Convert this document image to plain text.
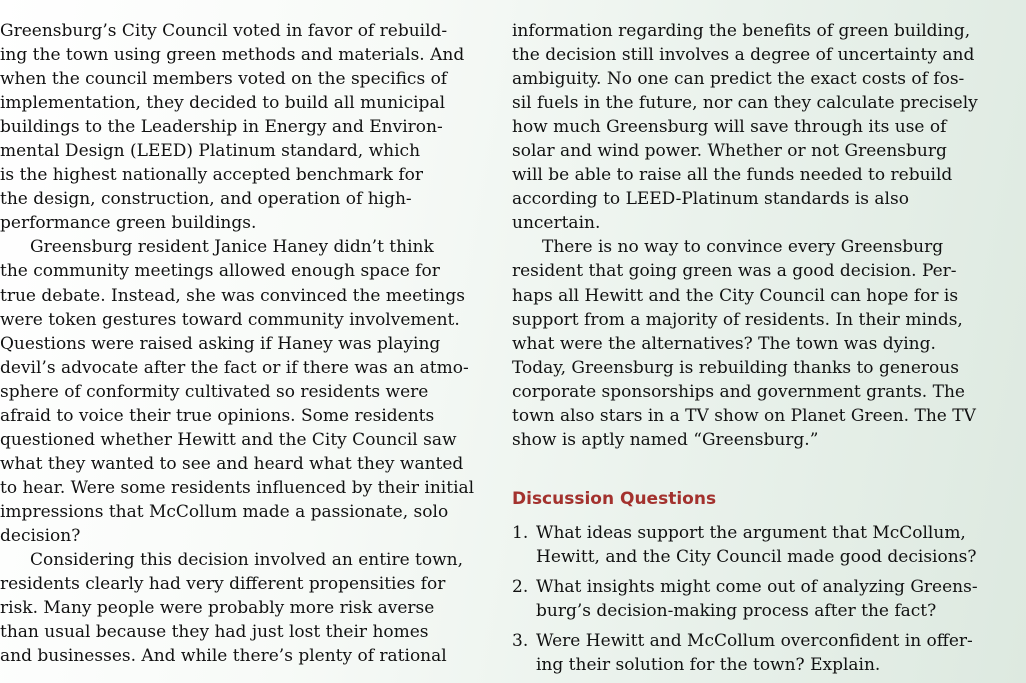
Greensburg’s City Council voted in favor of rebuild-
ing the town using green methods and materials. And
when the council members voted on the specifics of
implementation, they decided to build all municipal
buildings to the Leadership in Energy and Environ-
mental Design (LEED) Platinum standard, which
is the highest nationally accepted benchmark for
the design, construction, and operation of high-
performance green buildings.
Greensburg resident Janice Haney didn’t think
the community meetings allowed enough space for
true debate. Instead, she was convinced the meetings
were token gestures toward community involvement.
Questions were raised asking if Haney was playing
devil’s advocate after the fact or if there was an atmo-
sphere of conformity cultivated so residents were
afraid to voice their true opinions. Some residents
questioned whether Hewitt and the City Council saw
what they wanted to see and heard what they wanted
to hear. Were some residents influenced by their initial
impressions that McCollum made a passionate, solo
decision?
Considering this decision involved an entire town,
residents clearly had very different propensities for
risk. Many people were probably more risk averse
than usual because they had just lost their homes
and businesses. And while there’s plenty of rational
information regarding the benefits of green building,
the decision still involves a degree of uncertainty and
ambiguity. No one can predict the exact costs of fos-
sil fuels in the future, nor can they calculate precisely
how much Greensburg will save through its use of
solar and wind power. Whether or not Greensburg
will be able to raise all the funds needed to rebuild
according to LEED-Platinum standards is also
uncertain.
There is no way to convince every Greensburg
resident that going green was a good decision. Per-
haps all Hewitt and the City Council can hope for is
support from a majority of residents. In their minds,
what were the alternatives? The town was dying.
Today, Greensburg is rebuilding thanks to generous
corporate sponsorships and government grants. The
town also stars in a TV show on Planet Green. The TV
show is aptly named “Greensburg.”
Discussion Questions
1. What ideas support the argument that McCollum,
Hewitt, and the City Council made good decisions?
2. What insights might come out of analyzing Greens-
burg’s decision-making process after the fact?
3. Were Hewitt and McCollum overconfident in offer-
ing their solution for the town? Explain.
